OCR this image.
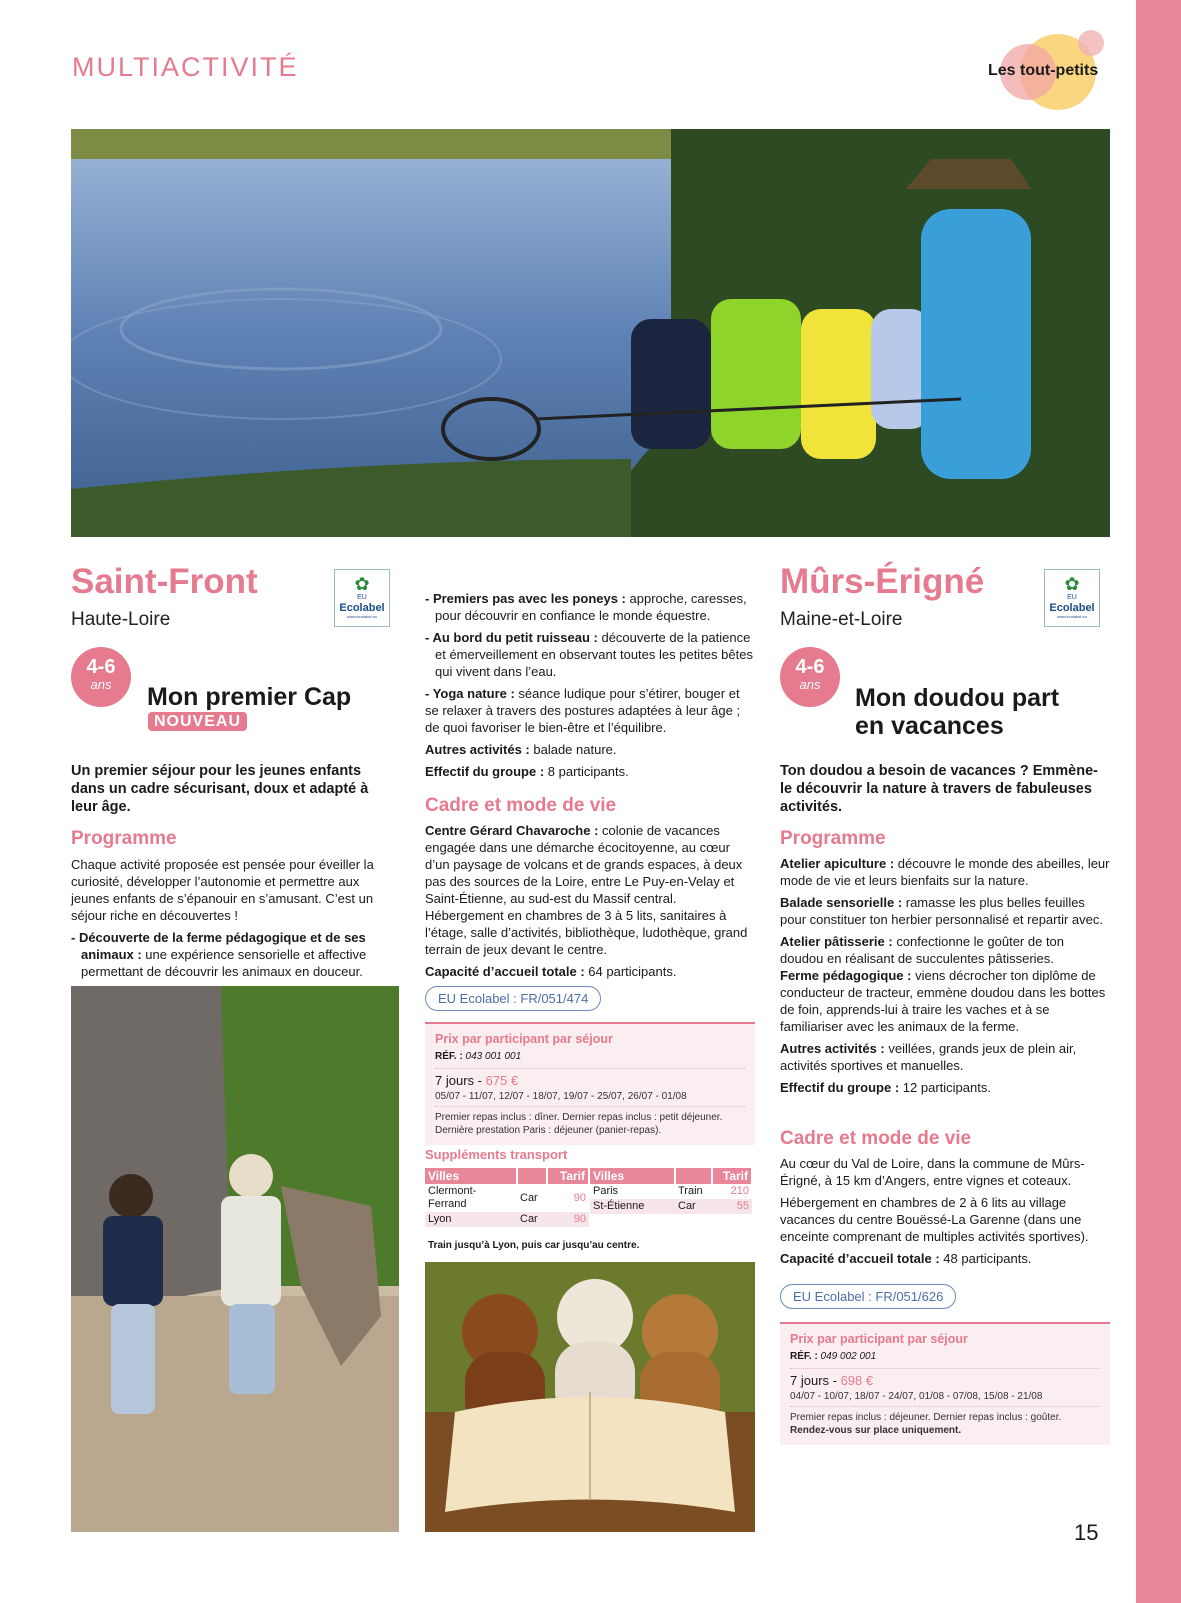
MULTIACTIVITÉ	Les tout-petits
Saint-Front
Haute-Loire
✿
EU
Ecolabel
www.ecolabel.eu
4-6
ans	Mon premier Cap
NOUVEAU
Un premier séjour pour les jeunes enfants dans un cadre sécurisant, doux et adapté à leur âge.
Programme

Chaque activité proposée est pensée pour éveiller la curiosité, développer l’autonomie et permettre aux jeunes enfants de s’épanouir en s’amusant. C’est un séjour riche en découvertes !

- Découverte de la ferme pédagogique et de ses animaux : une expérience sensorielle et affective permettant de découvrir les animaux en douceur.

- Premiers pas avec les poneys : approche, caresses, pour découvrir en confiance le monde équestre.

- Au bord du petit ruisseau : découverte de la patience et émerveillement en observant toutes les petites bêtes qui vivent dans l’eau.

- Yoga nature : séance ludique pour s’étirer, bouger et se relaxer à travers des postures adaptées à leur âge ; de quoi favoriser le bien-être et l’équilibre.

Autres activités : balade nature.

Effectif du groupe : 8 participants.

Cadre et mode de vie

Centre Gérard Chavaroche : colonie de vacances engagée dans une démarche écocitoyenne, au cœur d’un paysage de volcans et de grands espaces, à deux pas des sources de la Loire, entre Le Puy-en-Velay et Saint-Étienne, au sud-est du Massif central. Hébergement en chambres de 3 à 5 lits, sanitaires à l’étage, salle d’activités, bibliothèque, ludothèque, grand terrain de jeux devant le centre.

Capacité d’accueil totale : 64 participants.

EU Ecolabel : FR/051/474
Prix par participant par séjour
RÉF. : 043 001 001
7 jours - 675 €
05/07 - 11/07, 12/07 - 18/07, 19/07 - 25/07, 26/07 - 01/08
Premier repas inclus : dîner. Dernier repas inclus : petit déjeuner.
Dernière prestation Paris : déjeuner (panier-repas).
Suppléments transport
Villes		Tarif
Clermont-Ferrand	Car	90
Lyon	Car	90
Villes		Tarif
Paris	Train	210
St-Étienne	Car	55
Train jusqu’à Lyon, puis car jusqu’au centre.
Mûrs-Érigné
Maine-et-Loire
✿
EU
Ecolabel
www.ecolabel.eu
4-6
ans	Mon doudou part
en vacances
Ton doudou a besoin de vacances ? Emmène-le découvrir la nature à travers de fabuleuses activités.
Programme

Atelier apiculture : découvre le monde des abeilles, leur mode de vie et leurs bienfaits sur la nature.

Balade sensorielle : ramasse les plus belles feuilles pour constituer ton herbier personnalisé et repartir avec.

Atelier pâtisserie : confectionne le goûter de ton doudou en réalisant de succulentes pâtisseries.

Ferme pédagogique : viens décrocher ton diplôme de conducteur de tracteur, emmène doudou dans les bottes de foin, apprends-lui à traire les vaches et à se familiariser avec les animaux de la ferme.

Autres activités : veillées, grands jeux de plein air, activités sportives et manuelles.

Effectif du groupe : 12 participants.

Cadre et mode de vie

Au cœur du Val de Loire, dans la commune de Mûrs-Érigné, à 15 km d’Angers, entre vignes et coteaux.

Hébergement en chambres de 2 à 6 lits au village vacances du centre Bouëssé-La Garenne (dans une enceinte comprenant de multiples activités sportives).

Capacité d’accueil totale : 48 participants.

EU Ecolabel : FR/051/626
Prix par participant par séjour
RÉF. : 049 002 001
7 jours - 698 €
04/07 - 10/07, 18/07 - 24/07, 01/08 - 07/08, 15/08 - 21/08
Premier repas inclus : déjeuner. Dernier repas inclus : goûter.
Rendez-vous sur place uniquement.
15
